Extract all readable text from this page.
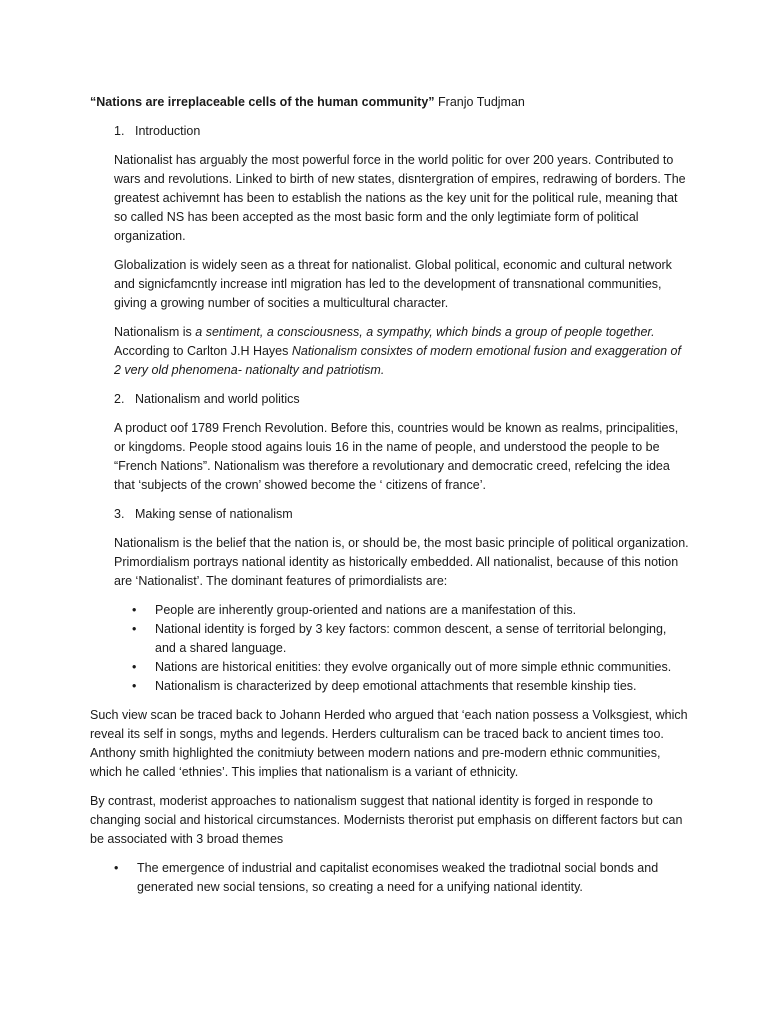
“Nations are irreplaceable cells of the human community” Franjo Tudjman

1. Introduction

Nationalist has arguably the most powerful force in the world politic for over 200 years. Contributed to wars and revolutions. Linked to birth of new states, disntergration of empires, redrawing of borders. The greatest achivemnt has been to establish the nations as the key unit for the political rule, meaning that so called NS has been accepted as the most basic form and the only legtimiate form of political organization.

Globalization is widely seen as a threat for nationalist. Global political, economic and cultural network and signicfamcntly increase intl migration has led to the development of transnational communities, giving a growing number of socities a multicultural character.

Nationalism is a sentiment, a consciousness, a sympathy, which binds a group of people together. According to Carlton J.H Hayes Nationalism consixtes of modern emotional fusion and exaggeration of 2 very old phenomena- nationalty and patriotism.

2. Nationalism and world politics

A product oof 1789 French Revolution. Before this, countries would be known as realms, principalities, or kingdoms. People stood agains louis 16 in the name of people, and understood the people to be “French Nations”. Nationalism was therefore a revolutionary and democratic creed, refelcing the idea that ‘subjects of the crown’ showed become the ‘ citizens of france’.

3. Making sense of nationalism

Nationalism is the belief that the nation is, or should be, the most basic principle of political organization. Primordialism portrays national identity as historically embedded. All nationalist, because of this notion are ‘Nationalist’. The dominant features of primordialists are:

• People are inherently group-oriented and nations are a manifestation of this.
• National identity is forged by 3 key factors: common descent, a sense of territorial belonging, and a shared language.
• Nations are historical enitities: they evolve organically out of more simple ethnic communities.
• Nationalism is characterized by deep emotional attachments that resemble kinship ties.

Such view scan be traced back to Johann Herded who argued that ‘each nation possess a Volksgiest, which reveal its self in songs, myths and legends. Herders culturalism can be traced back to ancient times too. Anthony smith highlighted the conitmiuty between modern nations and pre-modern ethnic communities, which he called ‘ethnies’. This implies that nationalism is a variant of ethnicity.

By contrast, moderist approaches to nationalism suggest that national identity is forged in responde to changing social and historical circumstances. Modernists therorist put emphasis on different factors but can be associated with 3 broad themes

• The emergence of industrial and capitalist economises weaked the tradiotnal social bonds and generated new social tensions, so creating a need for a unifying national identity.
